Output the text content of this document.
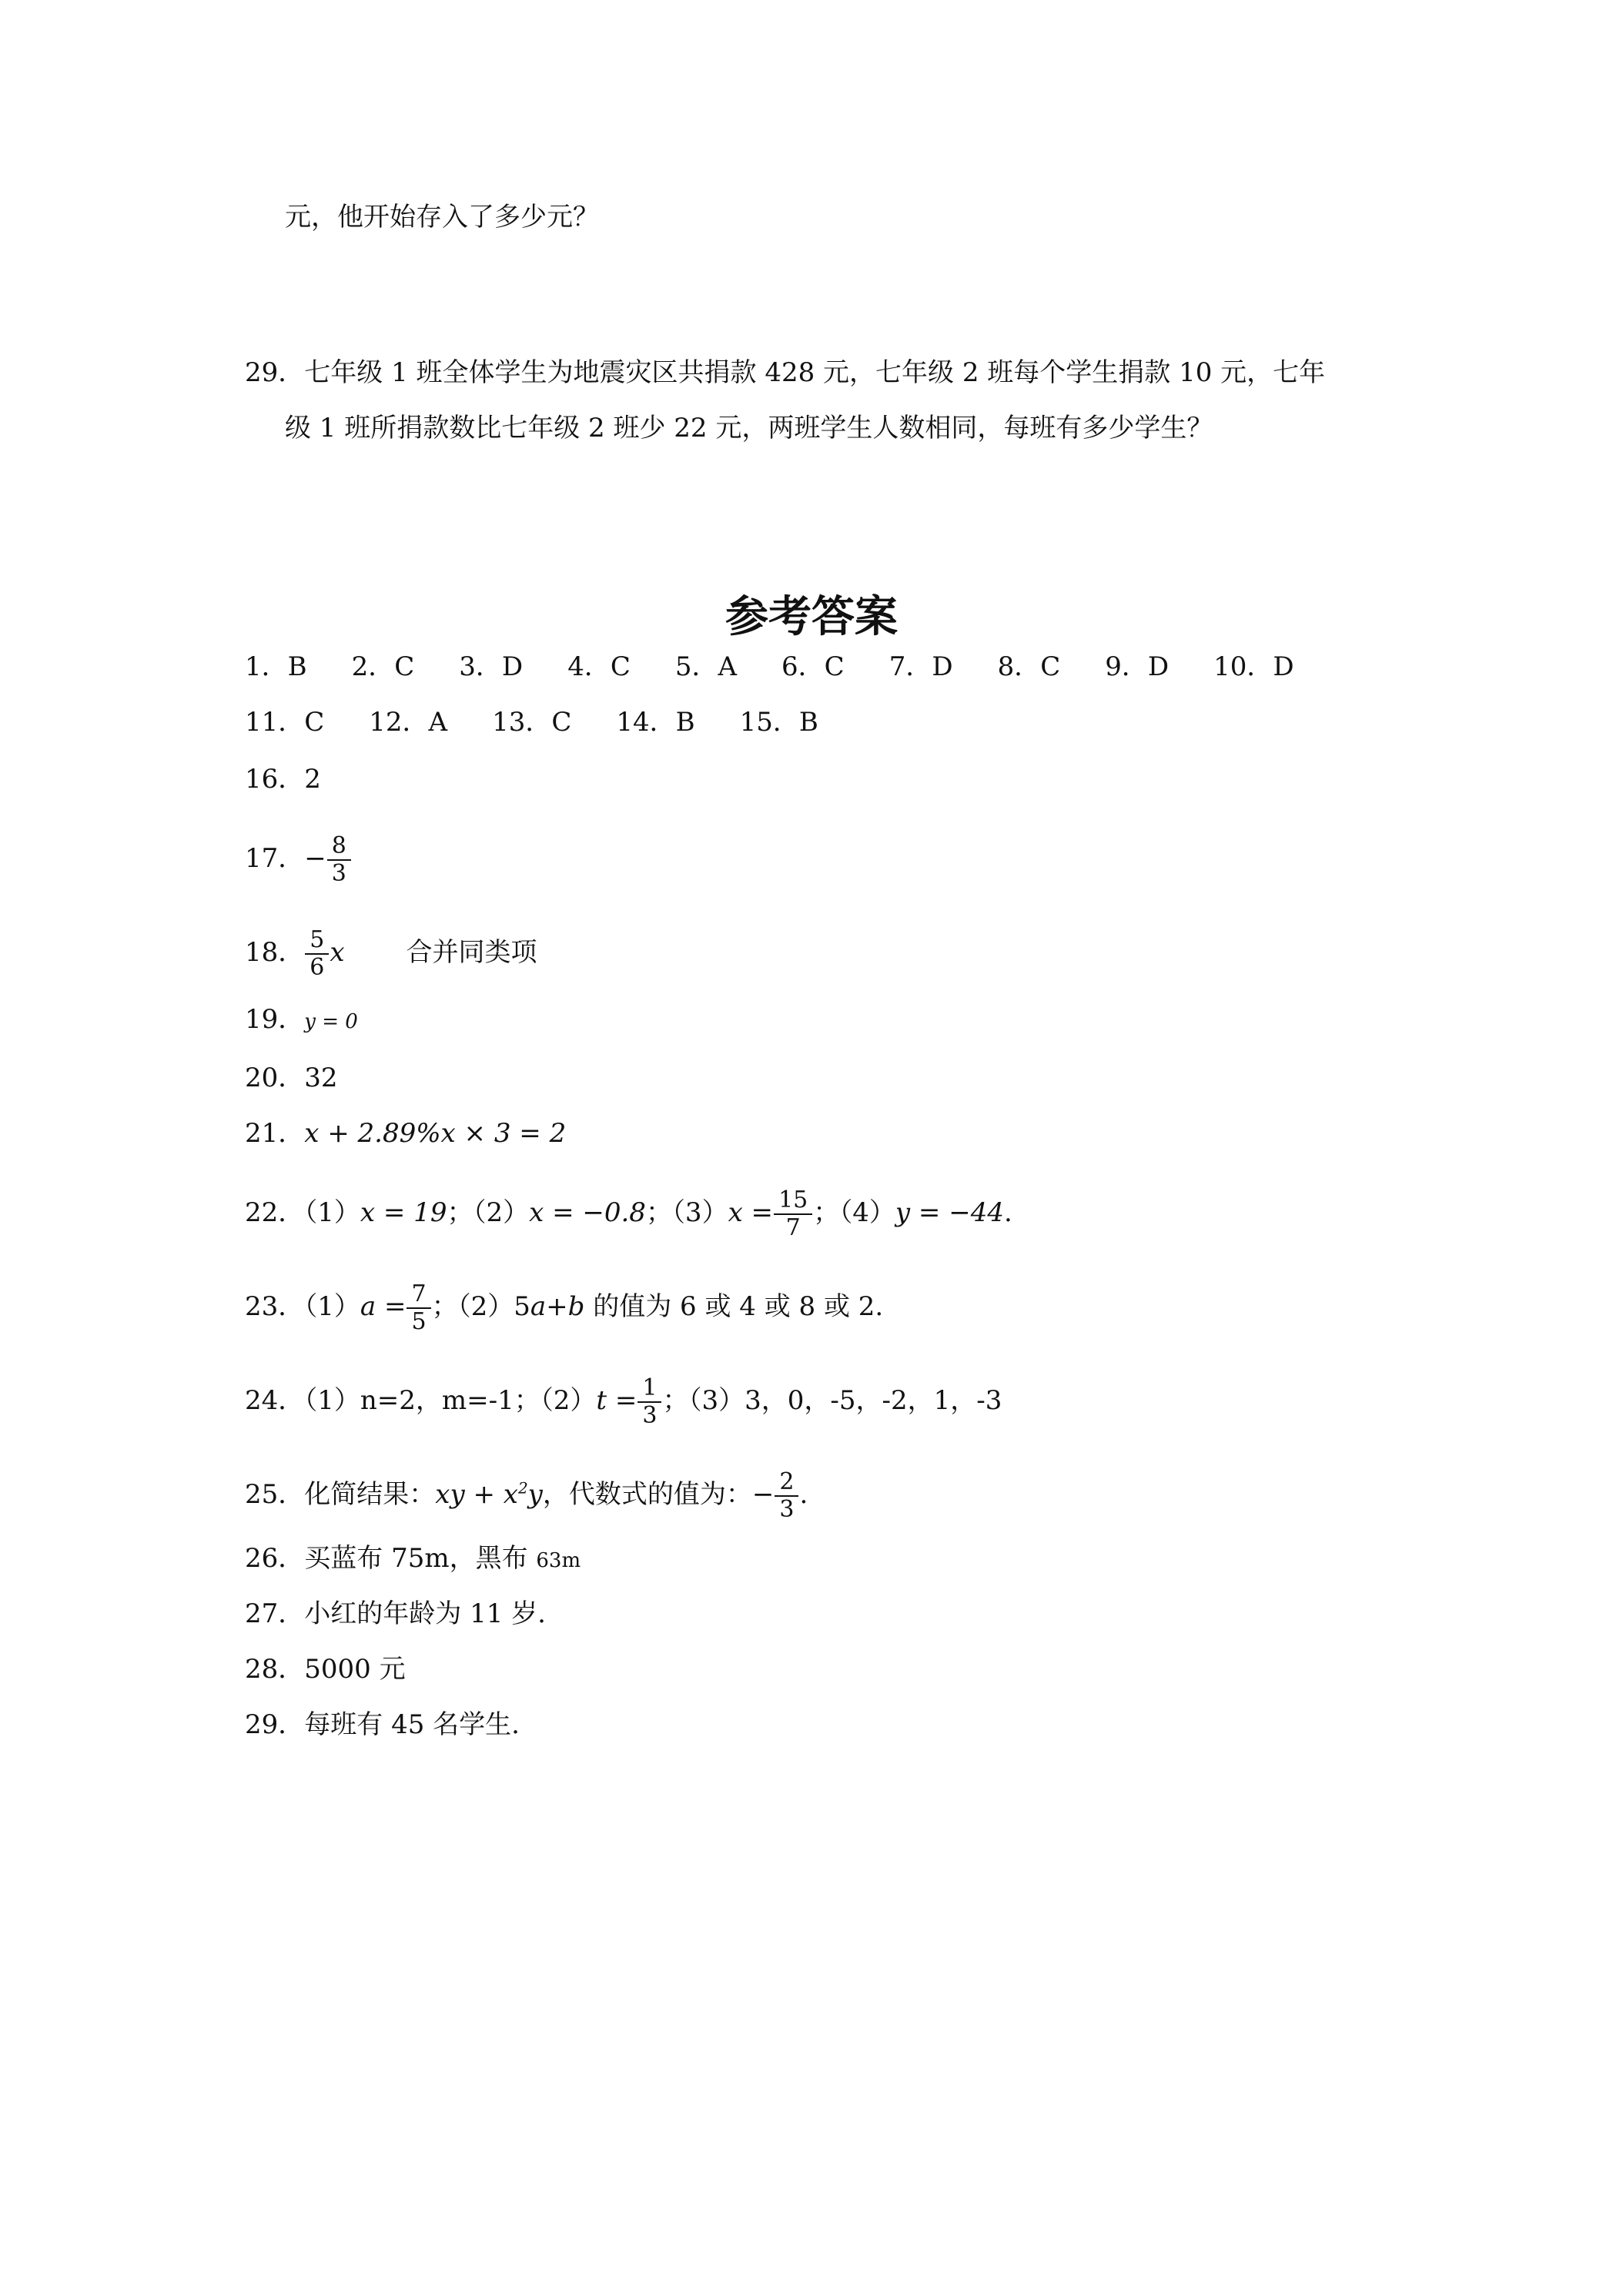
元，他开始存入了多少元？
29．七年级 1 班全体学生为地震灾区共捐款 428 元，七年级 2 班每个学生捐款 10 元，七年
级 1 班所捐款数比七年级 2 班少 22 元，两班学生人数相同，每班有多少学生？
参考答案
1．B 2．C 3．D 4．C 5．A 6．C 7．D 8．C 9．D 10．D
11．C 12．A 13．C 14．B 15．B
16．2
17．− $\frac{8}{3}$
18． $\frac{5}{6}$ x 合并同类项
19．y = 0
20．32
21．x + 2.89%x × 3 = 2
22．（1）x = 19；（2）x = −0.8；$(3)x = \frac{15}{7}$ ；（4）y = −44.
23．$(1)a = \frac{7}{5}$ ；（2）5a+b 的值为 6 或 4 或 8 或 2.
24．（1）n=2，m=-1；$(2)t = \frac{1}{3}$ ；（3）3，0，-5，-2，1，-3
25．化简结果：xy + $x^2y$，代数式的值为：− $\frac{2}{3}$ .
26．买蓝布 75m，黑布 63m
27．小红的年龄为 11 岁.
28．5000 元
29．每班有 45 名学生.
